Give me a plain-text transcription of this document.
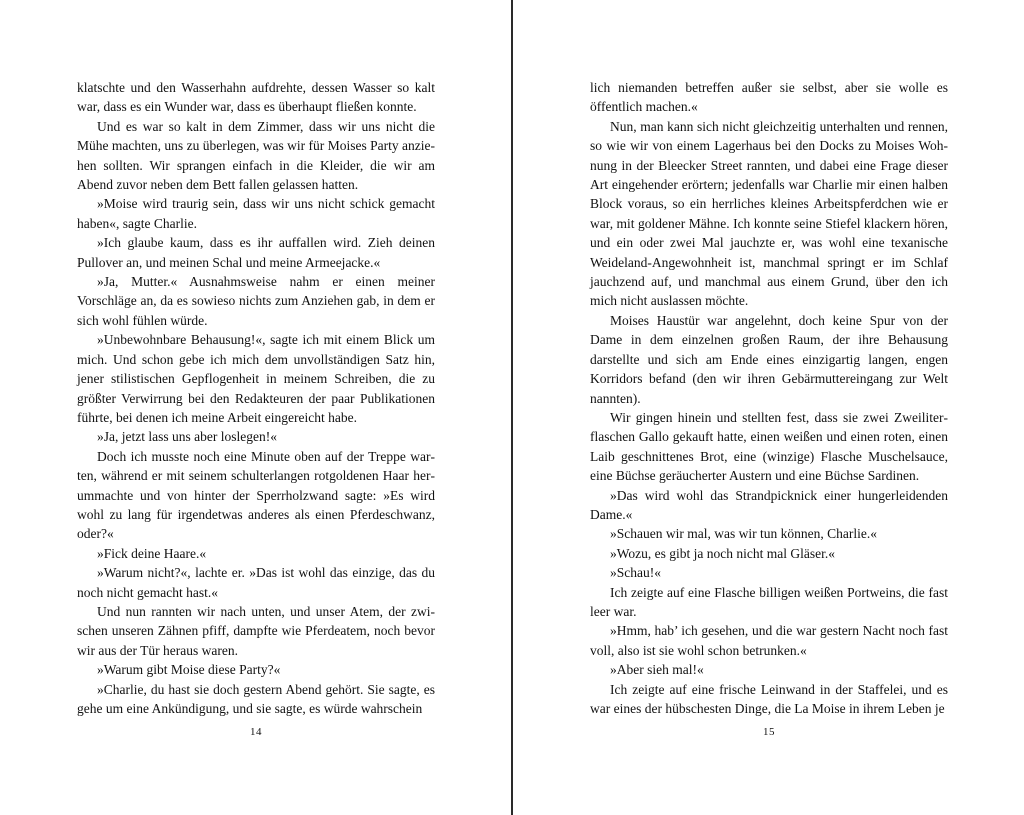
klatschte und den Wasserhahn aufdrehte, dessen Wasser so kalt war, dass es ein Wunder war, dass es überhaupt fließen konnte.

Und es war so kalt in dem Zimmer, dass wir uns nicht die Mühe machten, uns zu überlegen, was wir für Moises Party anziehen sollten. Wir sprangen einfach in die Kleider, die wir am Abend zuvor neben dem Bett fallen gelassen hatten.

»Moise wird traurig sein, dass wir uns nicht schick gemacht haben«, sagte Charlie.

»Ich glaube kaum, dass es ihr auffallen wird. Zieh deinen Pullover an, und meinen Schal und meine Armeejacke.«

»Ja, Mutter.« Ausnahmsweise nahm er einen meiner Vorschläge an, da es sowieso nichts zum Anziehen gab, in dem er sich wohl fühlen würde.

»Unbewohnbare Behausung!«, sagte ich mit einem Blick um mich. Und schon gebe ich mich dem unvollständigen Satz hin, jener stilistischen Gepflogenheit in meinem Schreiben, die zu größter Verwirrung bei den Redakteuren der paar Publikationen führte, bei denen ich meine Arbeit eingereicht habe.

»Ja, jetzt lass uns aber loslegen!«

Doch ich musste noch eine Minute oben auf der Treppe warten, während er mit seinem schulterlangen rotgoldenen Haar herummachte und von hinter der Sperrholzwand sagte: »Es wird wohl zu lang für irgendetwas anderes als einen Pferdeschwanz, oder?«

»Fick deine Haare.«

»Warum nicht?«, lachte er. »Das ist wohl das einzige, das du noch nicht gemacht hast.«

Und nun rannten wir nach unten, und unser Atem, der zwischen unseren Zähnen pfiff, dampfte wie Pferdeatem, noch bevor wir aus der Tür heraus waren.

»Warum gibt Moise diese Party?«

»Charlie, du hast sie doch gestern Abend gehört. Sie sagte, es gehe um eine Ankündigung, und sie sagte, es würde wahrschein

14

lich niemanden betreffen außer sie selbst, aber sie wolle es öffentlich machen.«

Nun, man kann sich nicht gleichzeitig unterhalten und rennen, so wie wir von einem Lagerhaus bei den Docks zu Moises Wohnung in der Bleecker Street rannten, und dabei eine Frage dieser Art eingehender erörtern; jedenfalls war Charlie mir einen halben Block voraus, so ein herrliches kleines Arbeitspferdchen wie er war, mit goldener Mähne. Ich konnte seine Stiefel klackern hören, und ein oder zwei Mal jauchzte er, was wohl eine texanische Weideland-Angewohnheit ist, manchmal springt er im Schlaf jauchzend auf, und manchmal aus einem Grund, über den ich mich nicht auslassen möchte.

Moises Haustür war angelehnt, doch keine Spur von der Dame in dem einzelnen großen Raum, der ihre Behausung darstellte und sich am Ende eines einzigartig langen, engen Korridors befand (den wir ihren Gebärmuttereingang zur Welt nannten).

Wir gingen hinein und stellten fest, dass sie zwei Zweiliterflaschen Gallo gekauft hatte, einen weißen und einen roten, einen Laib geschnittenes Brot, eine (winzige) Flasche Muschelsauce, eine Büchse geräucherter Austern und eine Büchse Sardinen.

»Das wird wohl das Strandpicknick einer hungerleidenden Dame.«

»Schauen wir mal, was wir tun können, Charlie.«

»Wozu, es gibt ja noch nicht mal Gläser.«

»Schau!«

Ich zeigte auf eine Flasche billigen weißen Portweins, die fast leer war.

»Hmm, hab’ ich gesehen, und die war gestern Nacht noch fast voll, also ist sie wohl schon betrunken.«

»Aber sieh mal!«

Ich zeigte auf eine frische Leinwand in der Staffelei, und es war eines der hübschesten Dinge, die La Moise in ihrem Leben je

15
